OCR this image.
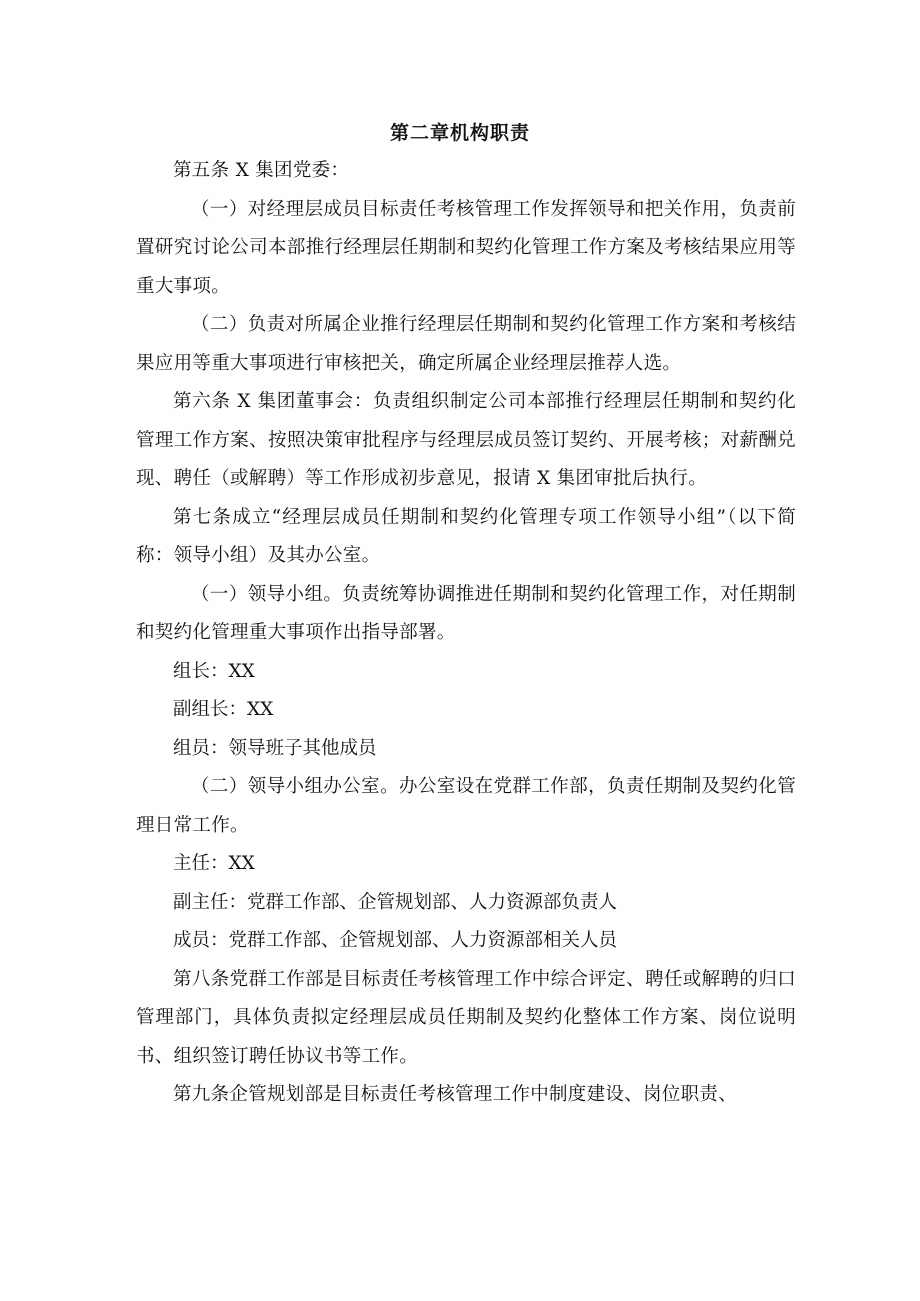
第二章机构职责

第五条 X 集团党委：

（一）对经理层成员目标责任考核管理工作发挥领导和把关作用，负责前置研究讨论公司本部推行经理层任期制和契约化管理工作方案及考核结果应用等重大事项。

（二）负责对所属企业推行经理层任期制和契约化管理工作方案和考核结果应用等重大事项进行审核把关，确定所属企业经理层推荐人选。

第六条 X 集团董事会：负责组织制定公司本部推行经理层任期制和契约化管理工作方案、按照决策审批程序与经理层成员签订契约、开展考核；对薪酬兑现、聘任（或解聘）等工作形成初步意见，报请 X 集团审批后执行。

第七条成立“经理层成员任期制和契约化管理专项工作领导小组”（以下简称：领导小组）及其办公室。

（一）领导小组。负责统筹协调推进任期制和契约化管理工作，对任期制和契约化管理重大事项作出指导部署。

组长：XX

副组长：XX

组员：领导班子其他成员

（二）领导小组办公室。办公室设在党群工作部，负责任期制及契约化管理日常工作。

主任：XX

副主任：党群工作部、企管规划部、人力资源部负责人

成员：党群工作部、企管规划部、人力资源部相关人员

第八条党群工作部是目标责任考核管理工作中综合评定、聘任或解聘的归口管理部门，具体负责拟定经理层成员任期制及契约化整体工作方案、岗位说明书、组织签订聘任协议书等工作。

第九条企管规划部是目标责任考核管理工作中制度建设、岗位职责、
